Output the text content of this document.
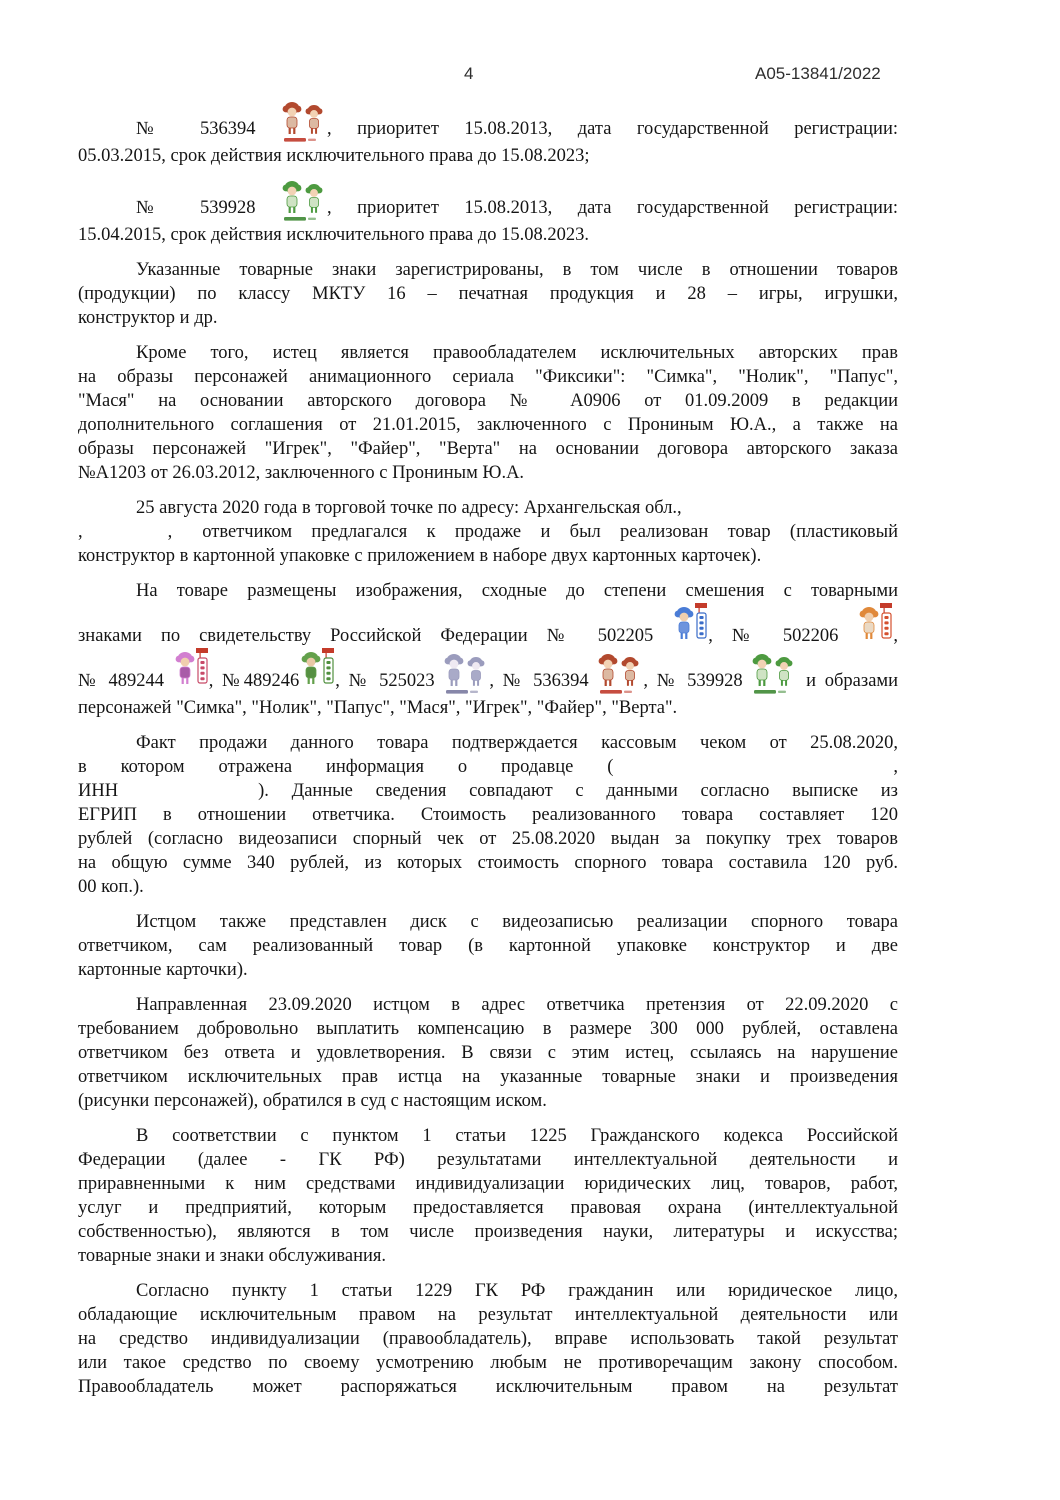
4	А05-13841/2022
№ 536394 , приоритет 15.08.2013, дата государственной регистрации:
05.03.2015, срок действия исключительного права до 15.08.2023;
№ 539928 , приоритет 15.08.2013, дата государственной регистрации:
15.04.2015, срок действия исключительного права до 15.08.2023.
Указанные товарные знаки зарегистрированы, в том числе в отношении товаров
(продукции) по классу МКТУ 16 – печатная продукция и 28 – игры, игрушки,
конструктор и др.
Кроме того, истец является правообладателем исключительных авторских прав
на образы персонажей анимационного сериала "Фиксики": "Симка", "Нолик", "Папус",
"Мася" на основании авторского договора № А0906 от 01.09.2009 в редакции
дополнительного соглашения от 21.01.2015, заключенного с Прониным Ю.А., а также на
образы персонажей "Игрек", "Файер", "Верта" на основании договора авторского заказа
№А1203 от 26.03.2012, заключенного с Прониным Ю.А.
25 августа 2020 года в торговой точке по адресу: Архангельская обл.,
,	, ответчиком предлагался к продаже и был реализован товар (пластиковый
конструктор в картонной упаковке с приложением в наборе двух картонных карточек).
На товаре размещены изображения, сходные до степени смешения с товарными
знаками по свидетельству Российской Федерации № 502205 , № 502206 ,
№ 489244 , №489246 , № 525023 , № 536394 , № 539928  и образами
персонажей "Симка", "Нолик", "Папус", "Мася", "Игрек", "Файер", "Верта".
Факт продажи данного товара подтверждается кассовым чеком от 25.08.2020,
в котором отражена информация о продавце (	,
ИНН	). Данные сведения совпадают с данными согласно выписке из
ЕГРИП в отношении ответчика. Стоимость реализованного товара составляет 120
рублей (согласно видеозаписи спорный чек от 25.08.2020 выдан за покупку трех товаров
на общую сумме 340 рублей, из которых стоимость спорного товара составила 120 руб.
00 коп.).
Истцом также представлен диск с видеозаписью реализации спорного товара
ответчиком, сам реализованный товар (в картонной упаковке конструктор и две
картонные карточки).
Направленная 23.09.2020 истцом в адрес ответчика претензия от 22.09.2020 с
требованием добровольно выплатить компенсацию в размере 300 000 рублей, оставлена
ответчиком без ответа и удовлетворения. В связи с этим истец, ссылаясь на нарушение
ответчиком исключительных прав истца на указанные товарные знаки и произведения
(рисунки персонажей), обратился в суд с настоящим иском.
В соответствии с пунктом 1 статьи 1225 Гражданского кодекса Российской
Федерации (далее - ГК РФ) результатами интеллектуальной деятельности и
приравненными к ним средствами индивидуализации юридических лиц, товаров, работ,
услуг и предприятий, которым предоставляется правовая охрана (интеллектуальной
собственностью), являются в том числе произведения науки, литературы и искусства;
товарные знаки и знаки обслуживания.
Согласно пункту 1 статьи 1229 ГК РФ гражданин или юридическое лицо,
обладающие исключительным правом на результат интеллектуальной деятельности или
на средство индивидуализации (правообладатель), вправе использовать такой результат
или такое средство по своему усмотрению любым не противоречащим закону способом.
Правообладатель может распоряжаться исключительным правом на результат
